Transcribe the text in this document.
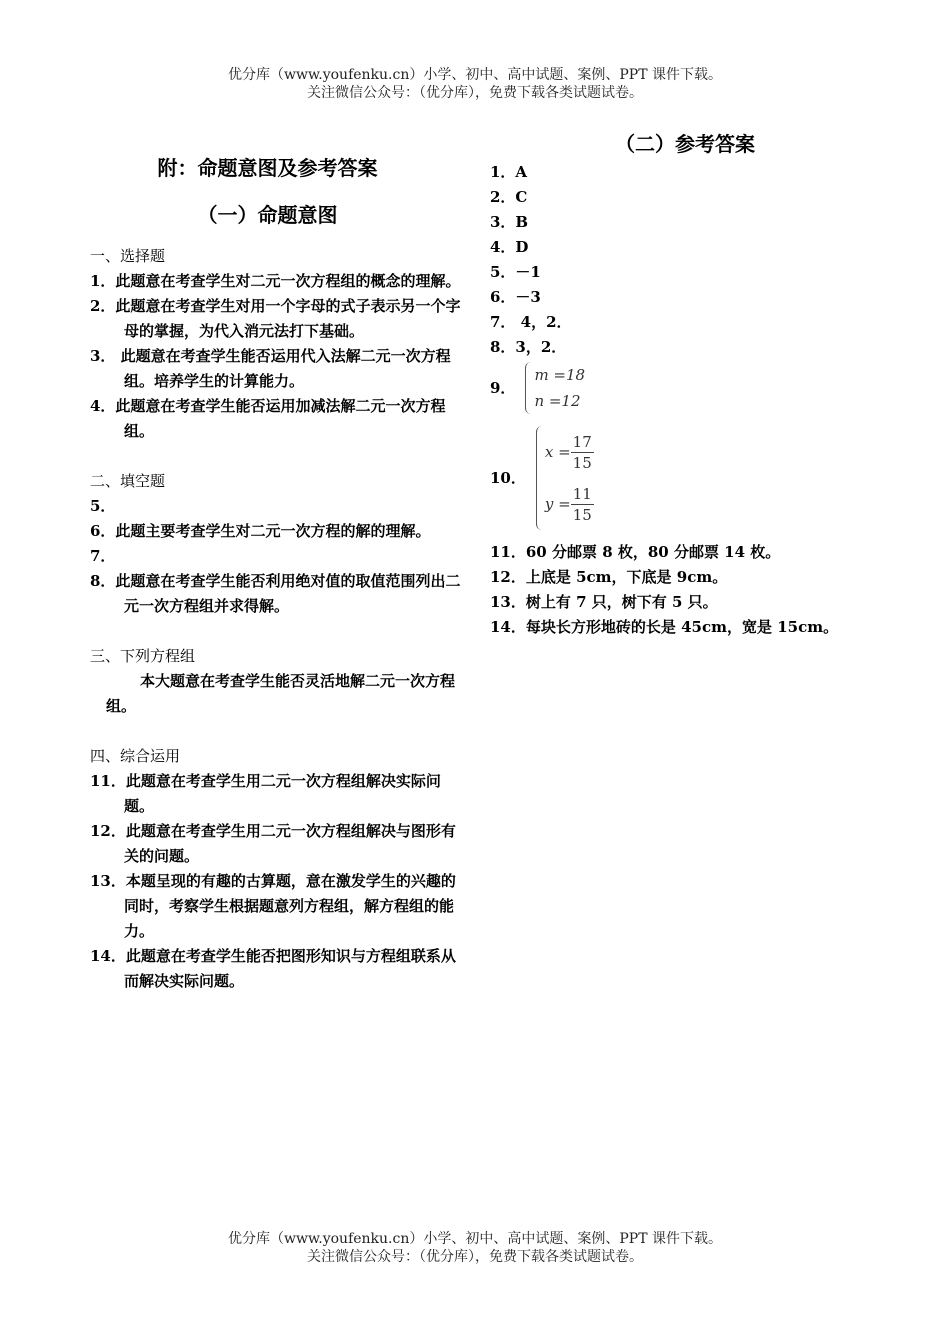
优分库（www.youfenku.cn）小学、初中、高中试题、案例、PPT 课件下载。
关注微信公众号：（优分库），免费下载各类试题试卷。
附：命题意图及参考答案
（一）命题意图
一、选择题
1．此题意在考查学生对二元一次方程组的概念的理解。
2．此题意在考查学生对用一个字母的式子表示另一个字母的掌握，为代入消元法打下基础。
3． 此题意在考查学生能否运用代入法解二元一次方程组。培养学生的计算能力。
4．此题意在考查学生能否运用加减法解二元一次方程组。
二、填空题
5．
6．此题主要考查学生对二元一次方程的解的理解。
7．
8．此题意在考查学生能否利用绝对值的取值范围列出二元一次方程组并求得解。
三、下列方程组
本大题意在考查学生能否灵活地解二元一次方程组。
四、综合运用
11．此题意在考查学生用二元一次方程组解决实际问题。
12．此题意在考查学生用二元一次方程组解决与图形有关的问题。
13．本题呈现的有趣的古算题，意在激发学生的兴趣的同时，考察学生根据题意列方程组，解方程组的能力。
14．此题意在考查学生能否把图形知识与方程组联系从而解决实际问题。
（二）参考答案
1．A
2．C
3．B
4．D
5．－1
6．－3
7． 4，2．
8．3，2．
9．
m =18
n =12
10．
$x = \frac{17}{15}$
$y = \frac{11}{15}$
11．60 分邮票 8 枚，80 分邮票 14 枚。
12．上底是 5cm，下底是 9cm。
13．树上有 7 只，树下有 5 只。
14．每块长方形地砖的长是 45cm，宽是 15cm。
优分库（www.youfenku.cn）小学、初中、高中试题、案例、PPT 课件下载。
关注微信公众号：（优分库），免费下载各类试题试卷。
